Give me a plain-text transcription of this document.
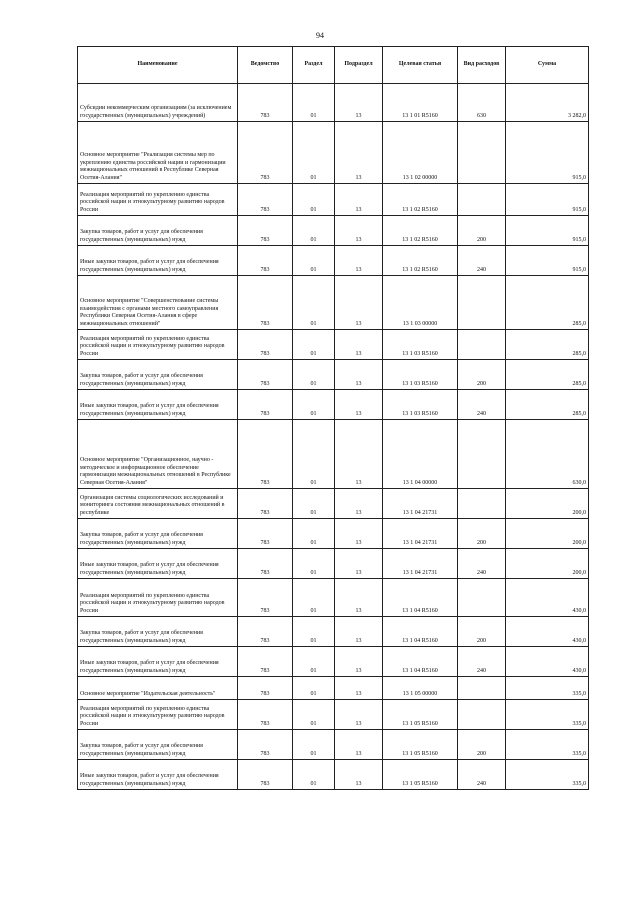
94
Наименование	Ведомство	Раздел	Подраздел	Целевая статья	Вид расходов	Сумма
Субсидии некоммерческим организациям (за исключением государственных (муниципальных) учреждений)	783	01	13	13 1 01 R5160	630	3 282,0
Основное мероприятие "Реализация системы мер по укреплению единства российской нации и гармонизации межнациональных отношений в Республике Северная Осетия-Алания"	783	01	13	13 1 02 00000		915,0
Реализация мероприятий по укреплению единства российской нации и этнокультурному развитию народов России	783	01	13	13 1 02 R5160		915,0
Закупка товаров, работ и услуг для обеспечения государственных (муниципальных) нужд	783	01	13	13 1 02 R5160	200	915,0
Иные закупки товаров, работ и услуг для обеспечения государственных (муниципальных) нужд	783	01	13	13 1 02 R5160	240	915,0
Основное мероприятие "Совершенствование системы взаимодействия с органами местного самоуправления Республики Северная Осетия-Алания в сфере межнациональных отношений"	783	01	13	13 1 03 00000		285,0
Реализация мероприятий по укреплению единства российской нации и этнокультурному развитию народов России	783	01	13	13 1 03 R5160		285,0
Закупка товаров, работ и услуг для обеспечения государственных (муниципальных) нужд	783	01	13	13 1 03 R5160	200	285,0
Иные закупки товаров, работ и услуг для обеспечения государственных (муниципальных) нужд	783	01	13	13 1 03 R5160	240	285,0
Основное мероприятие "Организационное, научно - методическое и информационное обеспечение гармонизации межнациональных отношений в Республике Северная Осетия-Алания"	783	01	13	13 1 04 00000		630,0
Организация системы социологических исследований и мониторинга состояния межнациональных отношений в республике	783	01	13	13 1 04 21731		200,0
Закупка товаров, работ и услуг для обеспечения государственных (муниципальных) нужд	783	01	13	13 1 04 21731	200	200,0
Иные закупки товаров, работ и услуг для обеспечения государственных (муниципальных) нужд	783	01	13	13 1 04 21731	240	200,0
Реализация мероприятий по укреплению единства российской нации и этнокультурному развитию народов России	783	01	13	13 1 04 R5160		430,0
Закупка товаров, работ и услуг для обеспечения государственных (муниципальных) нужд	783	01	13	13 1 04 R5160	200	430,0
Иные закупки товаров, работ и услуг для обеспечения государственных (муниципальных) нужд	783	01	13	13 1 04 R5160	240	430,0
Основное мероприятие "Издательская деятельность"	783	01	13	13 1 05 00000		335,0
Реализация мероприятий по укреплению единства российской нации и этнокультурному развитию народов России	783	01	13	13 1 05 R5160		335,0
Закупка товаров, работ и услуг для обеспечения государственных (муниципальных) нужд	783	01	13	13 1 05 R5160	200	335,0
Иные закупки товаров, работ и услуг для обеспечения государственных (муниципальных) нужд	783	01	13	13 1 05 R5160	240	335,0
